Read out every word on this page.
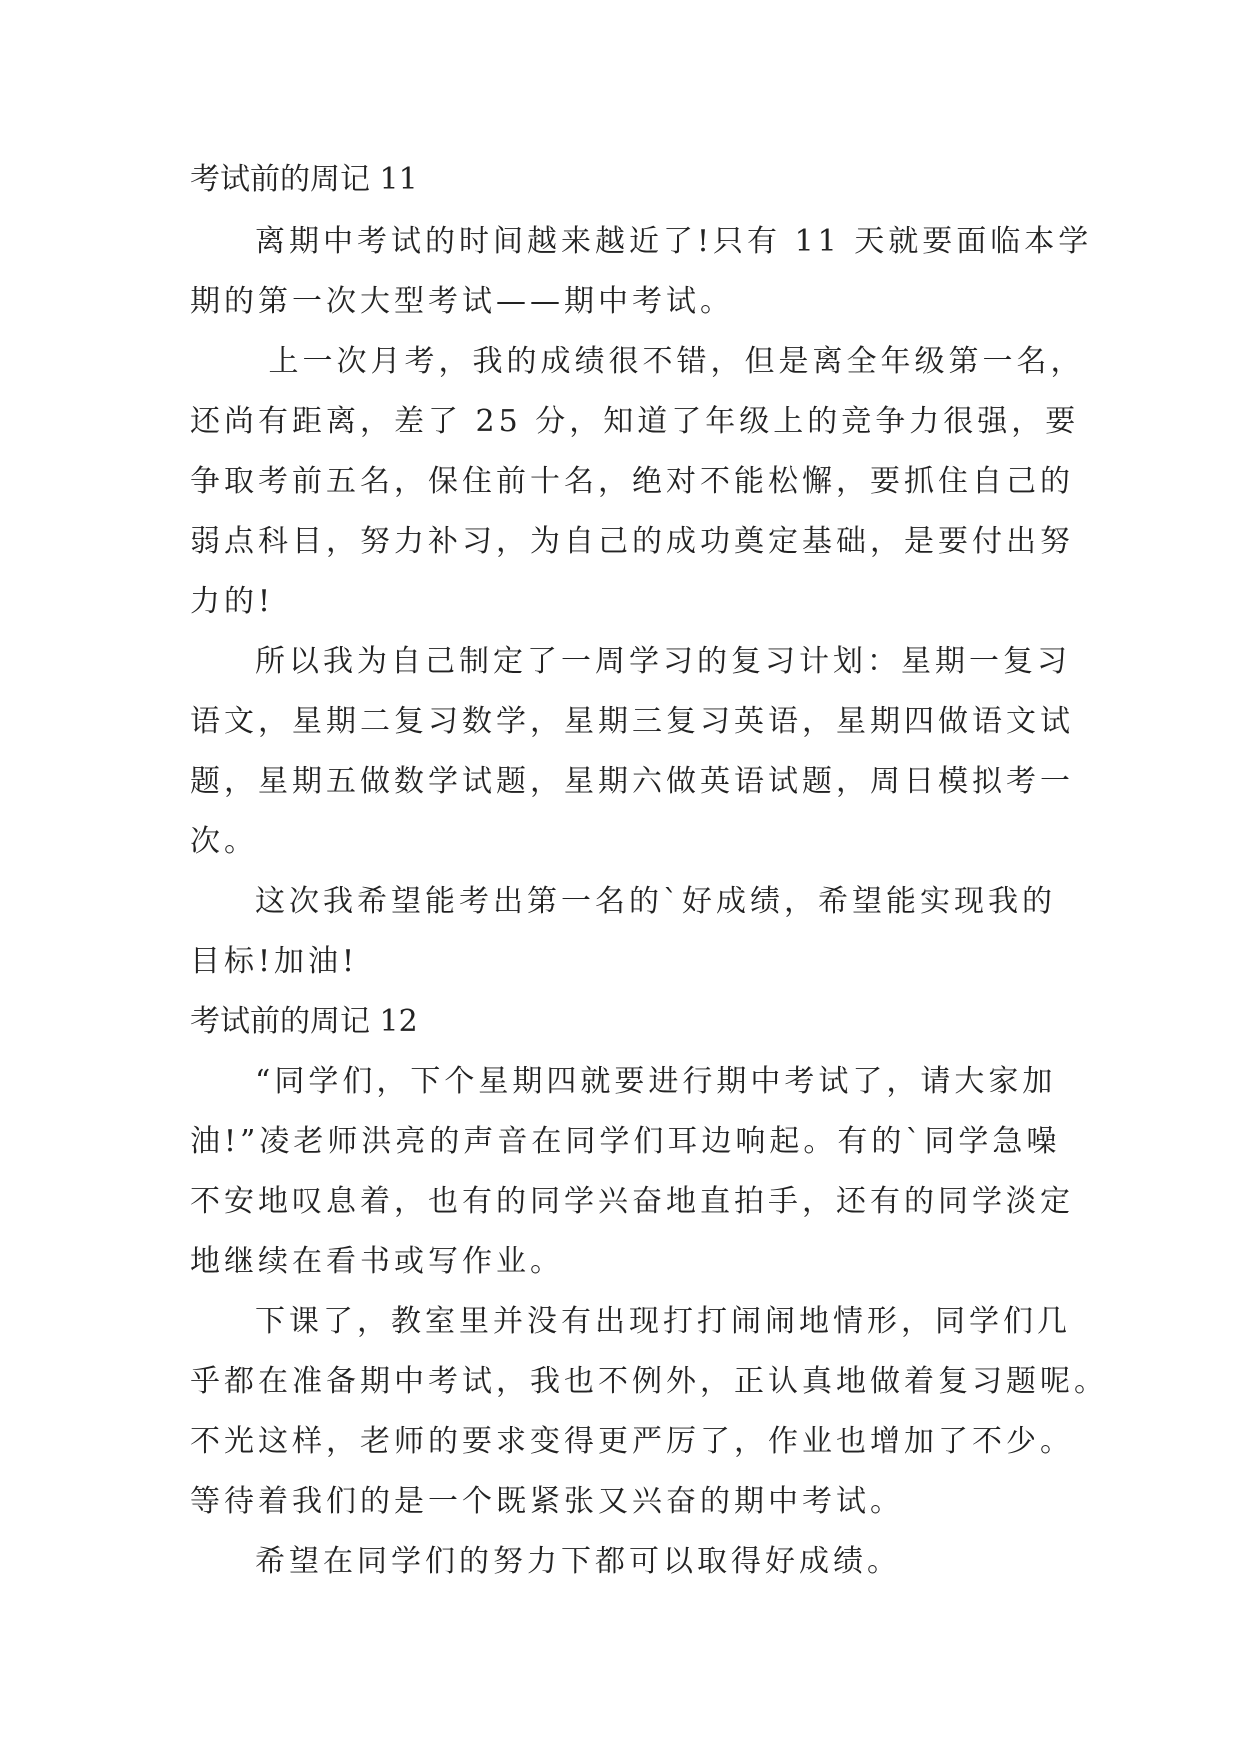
考试前的周记 11

离期中考试的时间越来越近了!只有 11 天就要面临本学

期的第一次大型考试——期中考试。

上一次月考，我的成绩很不错，但是离全年级第一名，

还尚有距离，差了 25 分，知道了年级上的竞争力很强，要

争取考前五名，保住前十名，绝对不能松懈，要抓住自己的

弱点科目，努力补习，为自己的成功奠定基础，是要付出努

力的!

所以我为自己制定了一周学习的复习计划：星期一复习

语文，星期二复习数学，星期三复习英语，星期四做语文试

题，星期五做数学试题，星期六做英语试题，周日模拟考一

次。

这次我希望能考出第一名的`好成绩，希望能实现我的

目标!加油!

考试前的周记 12

“同学们，下个星期四就要进行期中考试了，请大家加

油!”凌老师洪亮的声音在同学们耳边响起。有的`同学急噪

不安地叹息着，也有的同学兴奋地直拍手，还有的同学淡定

地继续在看书或写作业。

下课了，教室里并没有出现打打闹闹地情形，同学们几

乎都在准备期中考试，我也不例外，正认真地做着复习题呢。

不光这样，老师的要求变得更严厉了，作业也增加了不少。

等待着我们的是一个既紧张又兴奋的期中考试。

希望在同学们的努力下都可以取得好成绩。
